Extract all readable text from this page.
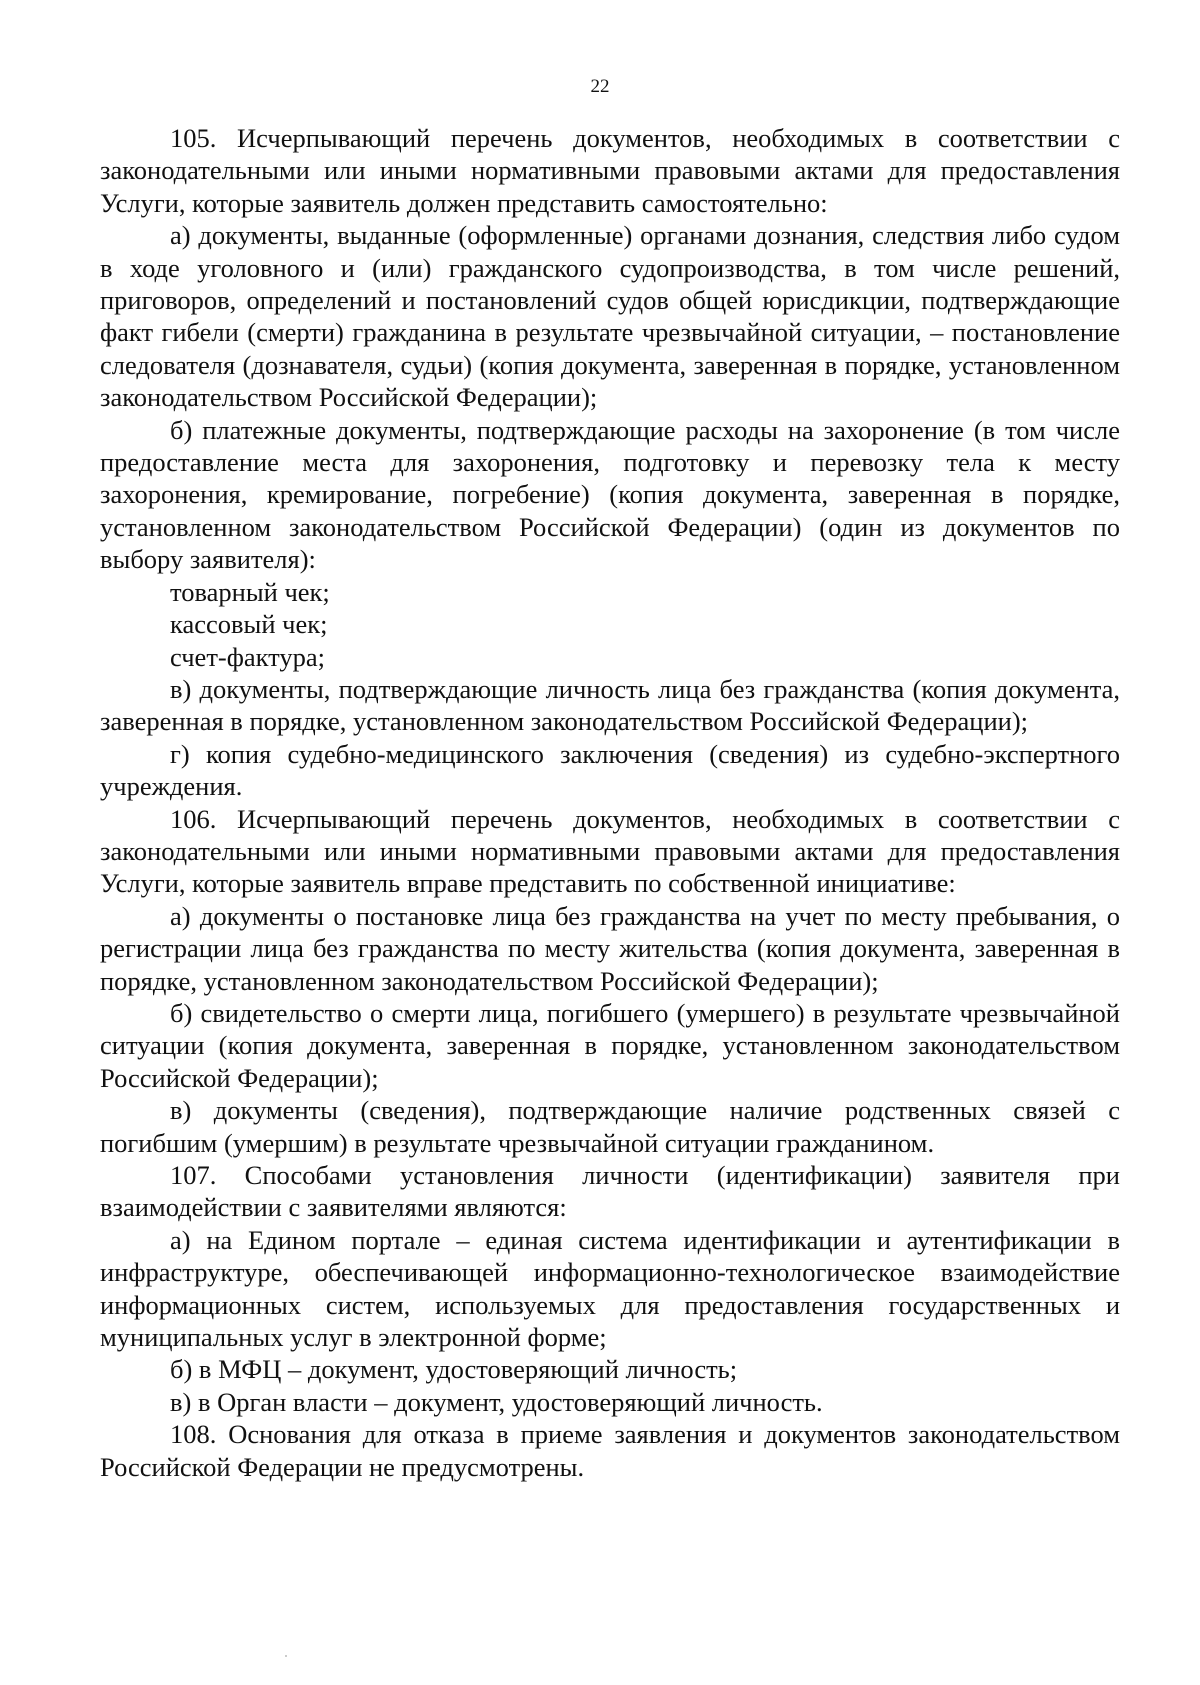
22

105. Исчерпывающий перечень документов, необходимых в соответствии с законодательными или иными нормативными правовыми актами для предоставления Услуги, которые заявитель должен представить самостоятельно:

а) документы, выданные (оформленные) органами дознания, следствия либо судом в ходе уголовного и (или) гражданского судопроизводства, в том числе решений, приговоров, определений и постановлений судов общей юрисдикции, подтверждающие факт гибели (смерти) гражданина в результате чрезвычайной ситуации, – постановление следователя (дознавателя, судьи) (копия документа, заверенная в порядке, установленном законодательством Российской Федерации);

б) платежные документы, подтверждающие расходы на захоронение (в том числе предоставление места для захоронения, подготовку и перевозку тела к месту захоронения, кремирование, погребение) (копия документа, заверенная в порядке, установленном законодательством Российской Федерации) (один из документов по выбору заявителя):

товарный чек;

кассовый чек;

счет-фактура;

в) документы, подтверждающие личность лица без гражданства (копия документа, заверенная в порядке, установленном законодательством Российской Федерации);

г) копия судебно-медицинского заключения (сведения) из судебно-экспертного учреждения.

106. Исчерпывающий перечень документов, необходимых в соответствии с законодательными или иными нормативными правовыми актами для предоставления Услуги, которые заявитель вправе представить по собственной инициативе:

а) документы о постановке лица без гражданства на учет по месту пребывания, о регистрации лица без гражданства по месту жительства (копия документа, заверенная в порядке, установленном законодательством Российской Федерации);

б) свидетельство о смерти лица, погибшего (умершего) в результате чрезвычайной ситуации (копия документа, заверенная в порядке, установленном законодательством Российской Федерации);

в) документы (сведения), подтверждающие наличие родственных связей с погибшим (умершим) в результате чрезвычайной ситуации гражданином.

107. Способами установления личности (идентификации) заявителя при взаимодействии с заявителями являются:

а) на Едином портале – единая система идентификации и аутентификации в инфраструктуре, обеспечивающей информационно-технологическое взаимодействие информационных систем, используемых для предоставления государственных и муниципальных услуг в электронной форме;

б) в МФЦ – документ, удостоверяющий личность;

в) в Орган власти – документ, удостоверяющий личность.

108. Основания для отказа в приеме заявления и документов законодательством Российской Федерации не предусмотрены.
